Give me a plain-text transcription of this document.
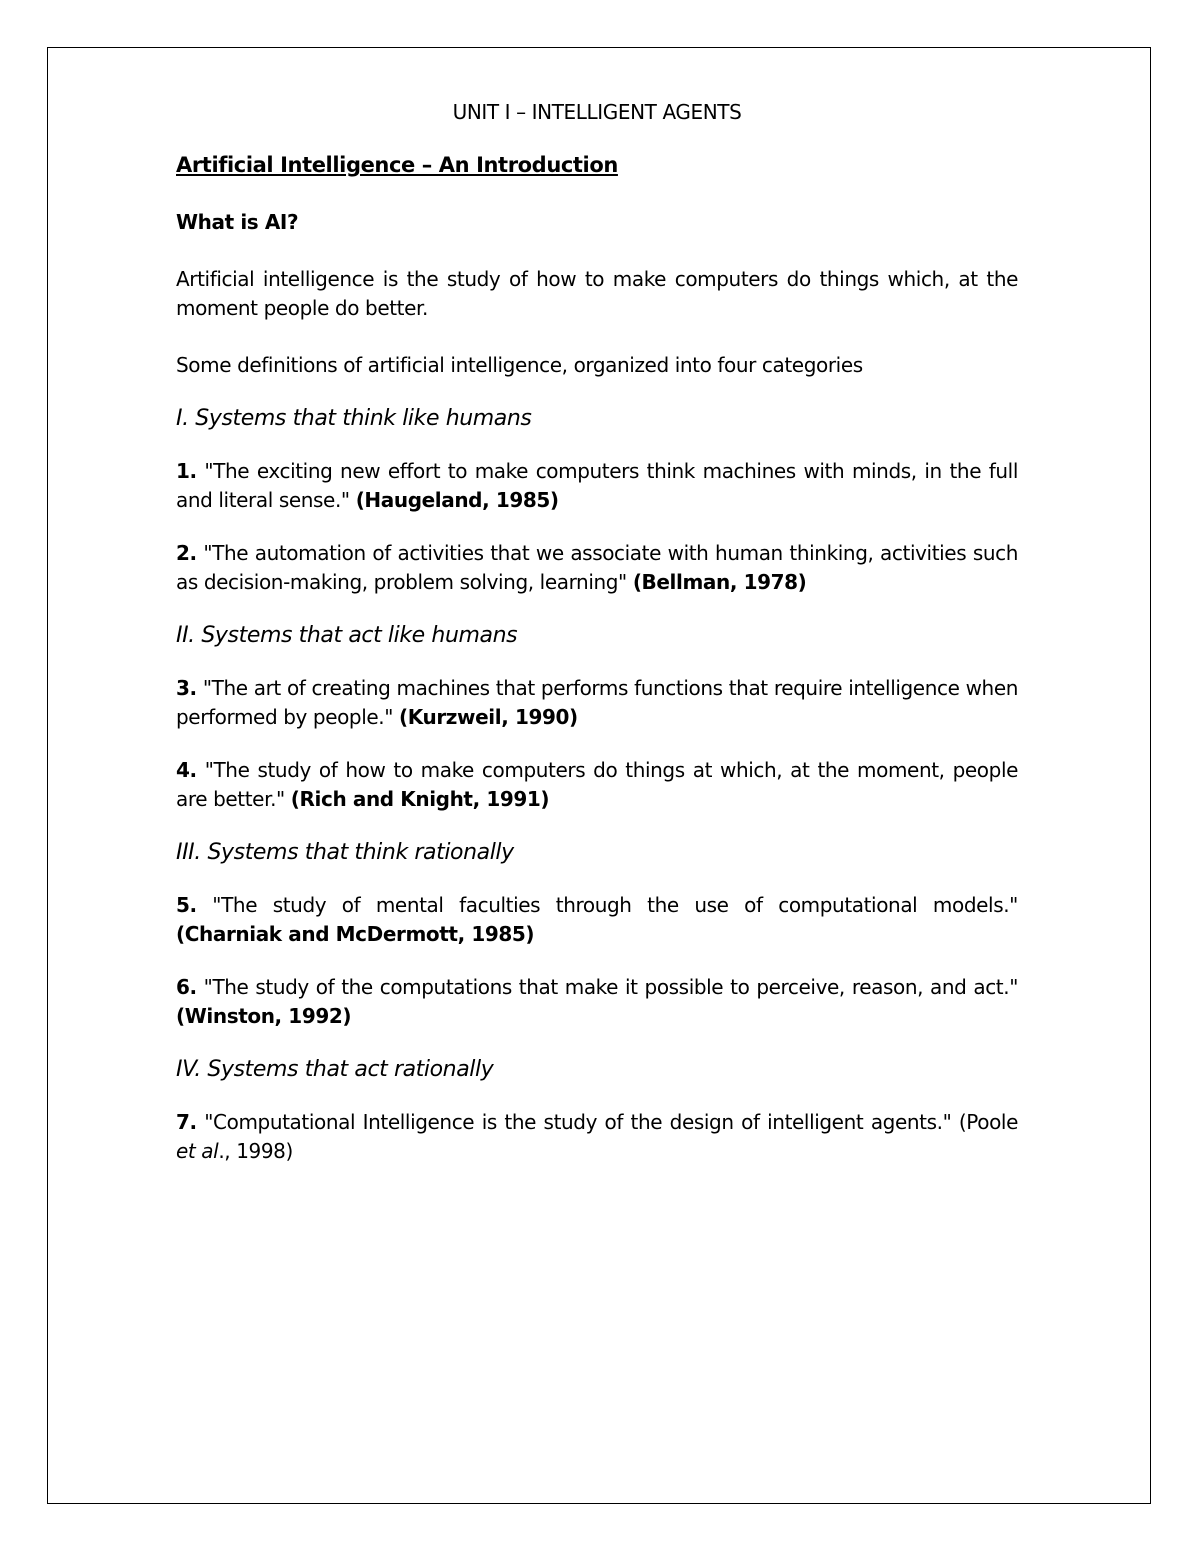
UNIT I – INTELLIGENT AGENTS
Artificial Intelligence – An Introduction
What is AI?

Artificial intelligence is the study of how to make computers do things which, at the moment people do better.

Some definitions of artificial intelligence, organized into four categories

I. Systems that think like humans

1. "The exciting new effort to make computers think machines with minds, in the full and literal sense." (Haugeland, 1985)

2. "The automation of activities that we associate with human thinking, activities such as decision-making, problem solving, learning" (Bellman, 1978)

II. Systems that act like humans

3. "The art of creating machines that performs functions that require intelligence when performed by people." (Kurzweil, 1990)

4. "The study of how to make computers do things at which, at the moment, people are better." (Rich and Knight, 1991)

III. Systems that think rationally

5. "The study of mental faculties through the use of computational models." (Charniak and McDermott, 1985)

6. "The study of the computations that make it possible to perceive, reason, and act." (Winston, 1992)

IV. Systems that act rationally

7. "Computational Intelligence is the study of the design of intelligent agents." (Poole et al., 1998)
